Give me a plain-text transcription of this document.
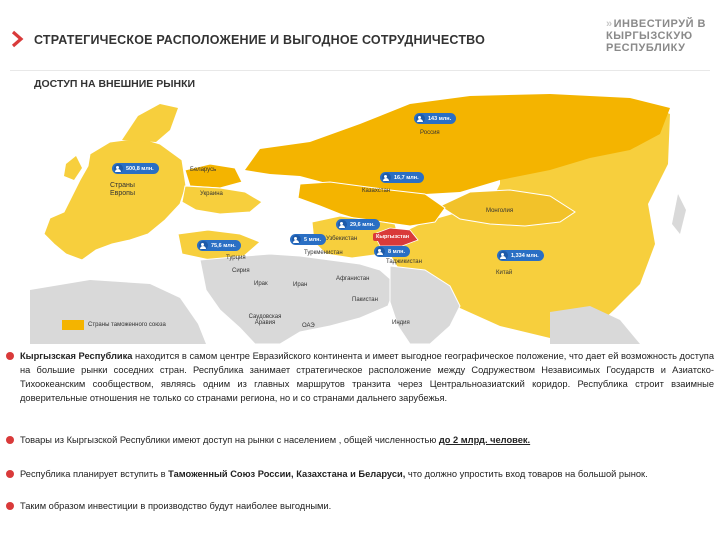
СТРАТЕГИЧЕСКОЕ РАСПОЛОЖЕНИЕ И ВЫГОДНОЕ СОТРУДНИЧЕСТВО
»ИНВЕСТИРУЙ В
КЫРГЫЗСКУЮ
РЕСПУБЛИКУ
ДОСТУП НА ВНЕШНИЕ РЫНКИ
143 млн.
500,8 млн.
16,7 млн.
29,6 млн.
75,6 млн.
1,334 млн.
8 млн.
5 млн.
Россия
Беларусь
Страны Европы	Украина	Казахстан
Монголия
Узбекистан	Кыргызстан
Таджикистан
Туркменистан
Турция
Сирия
Ирак	Иран
Афганистан
Пакистан
Индия
Китай
Саудовская Аравия	ОАЭ
Страны таможенного союза
Кыргызская Республика находится в самом центре Евразийского континента и имеет выгодное географическое положение, что дает ей возможность доступа на большие рынки соседних стран. Республика занимает стратегическое расположение между Содружеством Независимых Государств и Азиатско-Тихоокеанским сообществом, являясь одним из главных маршрутов транзита через Центральноазиатский коридор. Республика строит взаимные доверительные отношения не только со странами региона, но и со странами дальнего зарубежья.
Товары из Кыргызской Республики имеют доступ на рынки с населением , общей численностью до 2 млрд. человек.
Республика планирует вступить в Таможенный Союз России, Казахстана и Беларуси, что должно упростить вход товаров на большой рынок.
Таким образом инвестиции в производство будут наиболее выгодными.
